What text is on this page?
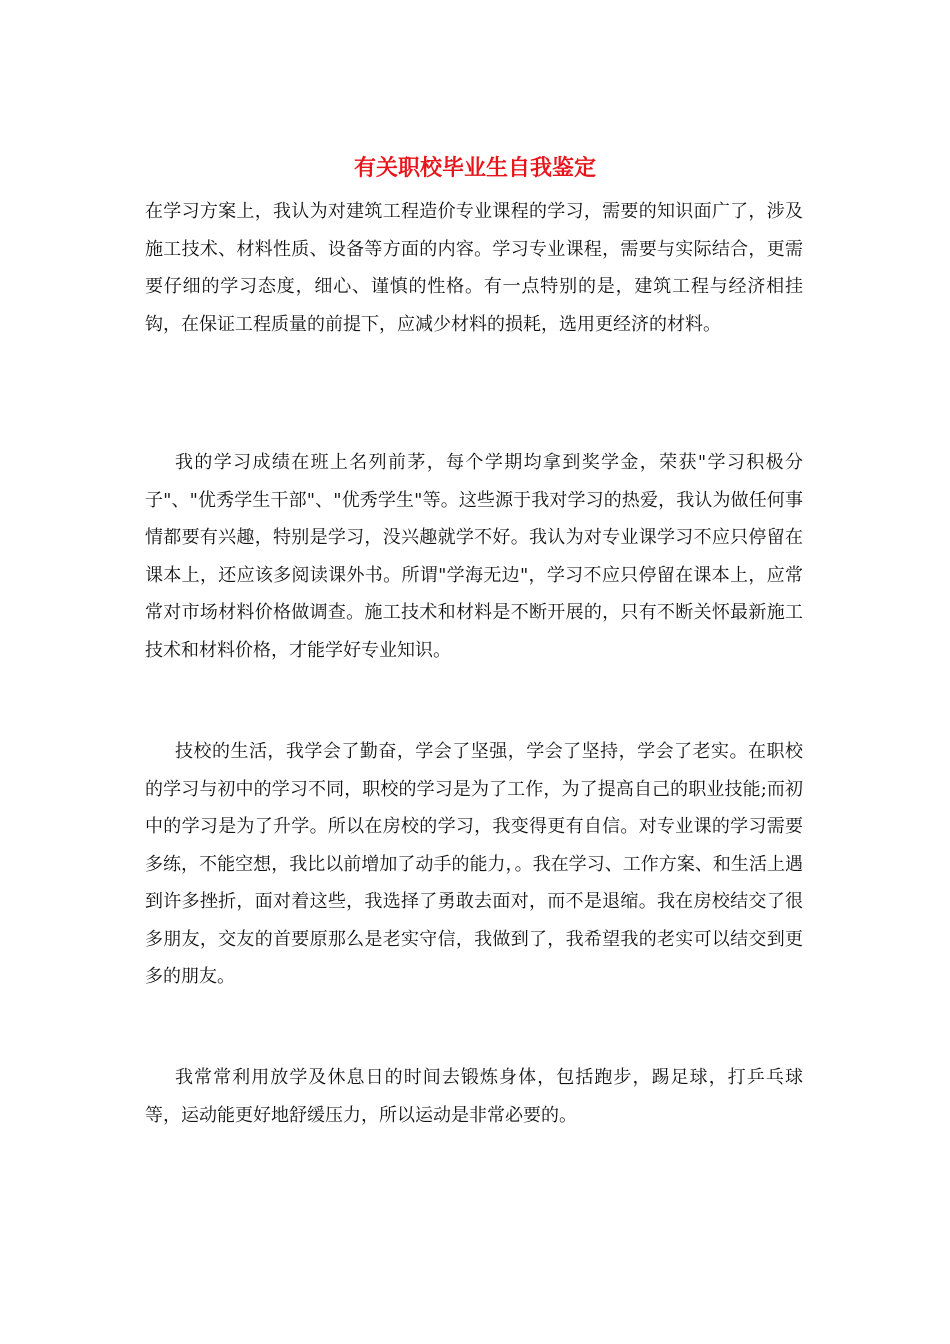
有关职校毕业生自我鉴定

在学习方案上，我认为对建筑工程造价专业课程的学习，需要的知识面广了，涉及施工技术、材料性质、设备等方面的内容。学习专业课程，需要与实际结合，更需要仔细的学习态度，细心、谨慎的性格。有一点特别的是，建筑工程与经济相挂钩，在保证工程质量的前提下，应减少材料的损耗，选用更经济的材料。

我的学习成绩在班上名列前茅，每个学期均拿到奖学金，荣获"学习积极分子"、"优秀学生干部"、"优秀学生"等。这些源于我对学习的热爱，我认为做任何事情都要有兴趣，特别是学习，没兴趣就学不好。我认为对专业课学习不应只停留在课本上，还应该多阅读课外书。所谓"学海无边"，学习不应只停留在课本上，应常常对市场材料价格做调查。施工技术和材料是不断开展的，只有不断关怀最新施工技术和材料价格，才能学好专业知识。

技校的生活，我学会了勤奋，学会了坚强，学会了坚持，学会了老实。在职校的学习与初中的学习不同，职校的学习是为了工作，为了提高自己的职业技能;而初中的学习是为了升学。所以在房校的学习，我变得更有自信。对专业课的学习需要多练，不能空想，我比以前增加了动手的能力，。我在学习、工作方案、和生活上遇到许多挫折，面对着这些，我选择了勇敢去面对，而不是退缩。我在房校结交了很多朋友，交友的首要原那么是老实守信，我做到了，我希望我的老实可以结交到更多的朋友。

我常常利用放学及休息日的时间去锻炼身体，包括跑步，踢足球，打乒乓球等，运动能更好地舒缓压力，所以运动是非常必要的。
